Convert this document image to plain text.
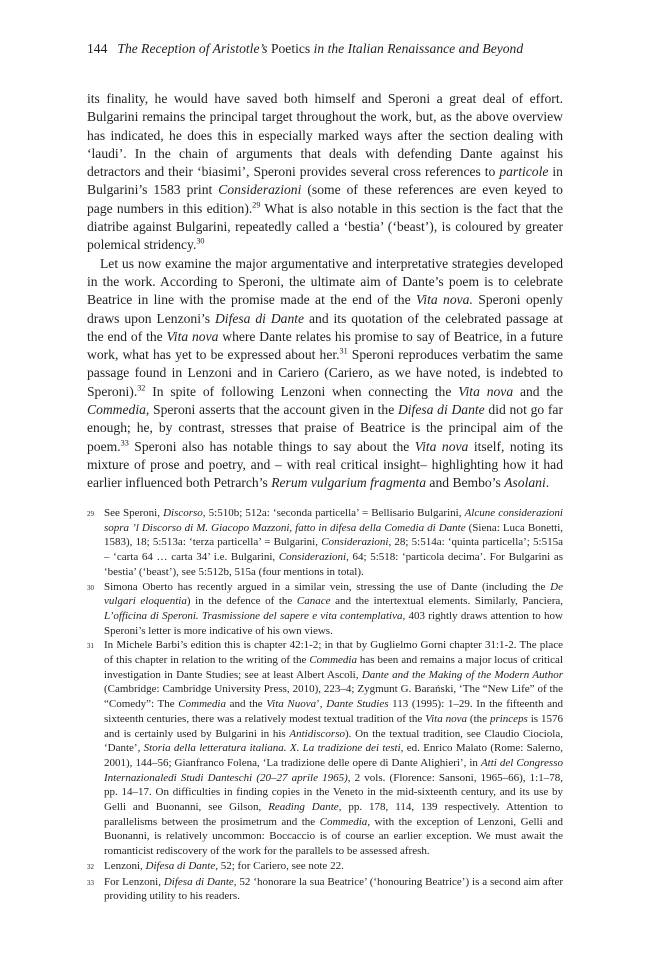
144 The Reception of Aristotle’s Poetics in the Italian Renaissance and Beyond

its finality, he would have saved both himself and Speroni a great deal of effort. Bulgarini remains the principal target throughout the work, but, as the above overview has indicated, he does this in especially marked ways after the section dealing with ‘laudi’. In the chain of arguments that deals with defending Dante against his detractors and their ‘biasimi’, Speroni provides several cross references to particole in Bulgarini’s 1583 print Considerazioni (some of these references are even keyed to page numbers in this edition).$^{29}$ What is also notable in this section is the fact that the diatribe against Bulgarini, repeatedly called a ‘bestia’ (‘beast’), is coloured by greater polemical stridency.$^{30}$

Let us now examine the major argumentative and interpretative strategies developed in the work. According to Speroni, the ultimate aim of Dante’s poem is to celebrate Beatrice in line with the promise made at the end of the Vita nova. Speroni openly draws upon Lenzoni’s Difesa di Dante and its quotation of the celebrated passage at the end of the Vita nova where Dante relates his promise to say of Beatrice, in a future work, what has yet to be expressed about her.$^{31}$ Speroni reproduces verbatim the same passage found in Lenzoni and in Cariero (Cariero, as we have noted, is indebted to Speroni).$^{32}$ In spite of following Lenzoni when connecting the Vita nova and the Commedia, Speroni asserts that the account given in the Difesa di Dante did not go far enough; he, by contrast, stresses that praise of Beatrice is the principal aim of the poem.$^{33}$ Speroni also has notable things to say about the Vita nova itself, noting its mixture of prose and poetry, and – with real critical insight– highlighting how it had earlier influenced both Petrarch’s Rerum vulgarium fragmenta and Bembo’s Asolani.

29 See Speroni, Discorso, 5:510b; 512a: ‘seconda particella’ = Bellisario Bulgarini, Alcune considerazioni sopra ’l Discorso di M. Giacopo Mazzoni, fatto in difesa della Comedia di Dante (Siena: Luca Bonetti, 1583), 18; 5:513a: ‘terza particella’ = Bulgarini, Considerazioni, 28; 5:514a: ‘quinta particella’; 5:515a – ‘carta 64 … carta 34’ i.e. Bulgarini, Considerazioni, 64; 5:518: ‘particola decima’. For Bulgarini as ‘bestia’ (‘beast’), see 5:512b, 515a (four mentions in total).
30 Simona Oberto has recently argued in a similar vein, stressing the use of Dante (including the De vulgari eloquentia) in the defence of the Canace and the intertextual elements. Similarly, Panciera, L’officina di Speroni. Trasmissione del sapere e vita contemplativa, 403 rightly draws attention to how Speroni’s letter is more indicative of his own views.
31 In Michele Barbi’s edition this is chapter 42:1-2; in that by Guglielmo Gorni chapter 31:1-2. The place of this chapter in relation to the writing of the Commedia has been and remains a major locus of critical investigation in Dante Studies; see at least Albert Ascoli, Dante and the Making of the Modern Author (Cambridge: Cambridge University Press, 2010), 223–4; Zygmunt G. Barański, ‘The “New Life” of the “Comedy”: The Commedia and the Vita Nuova’, Dante Studies 113 (1995): 1–29. In the fifteenth and sixteenth centuries, there was a relatively modest textual tradition of the Vita nova (the princeps is 1576 and is certainly used by Bulgarini in his Antidiscorso). On the textual tradition, see Claudio Ciociola, ‘Dante’, Storia della letteratura italiana. X. La tradizione dei testi, ed. Enrico Malato (Rome: Salerno, 2001), 144–56; Gianfranco Folena, ‘La tradizione delle opere di Dante Alighieri’, in Atti del Congresso Internazionaledi Studi Danteschi (20–27 aprile 1965), 2 vols. (Florence: Sansoni, 1965–66), 1:1–78, pp. 14–17. On difficulties in finding copies in the Veneto in the mid-sixteenth century, and its use by Gelli and Buonanni, see Gilson, Reading Dante, pp. 178, 114, 139 respectively. Attention to parallelisms between the prosimetrum and the Commedia, with the exception of Lenzoni, Gelli and Buonanni, is relatively uncommon: Boccaccio is of course an earlier exception. We must await the romanticist rediscovery of the work for the parallels to be assessed afresh.
32 Lenzoni, Difesa di Dante, 52; for Cariero, see note 22.
33 For Lenzoni, Difesa di Dante, 52 ‘honorare la sua Beatrice’ (‘honouring Beatrice’) is a second aim after providing utility to his readers.
